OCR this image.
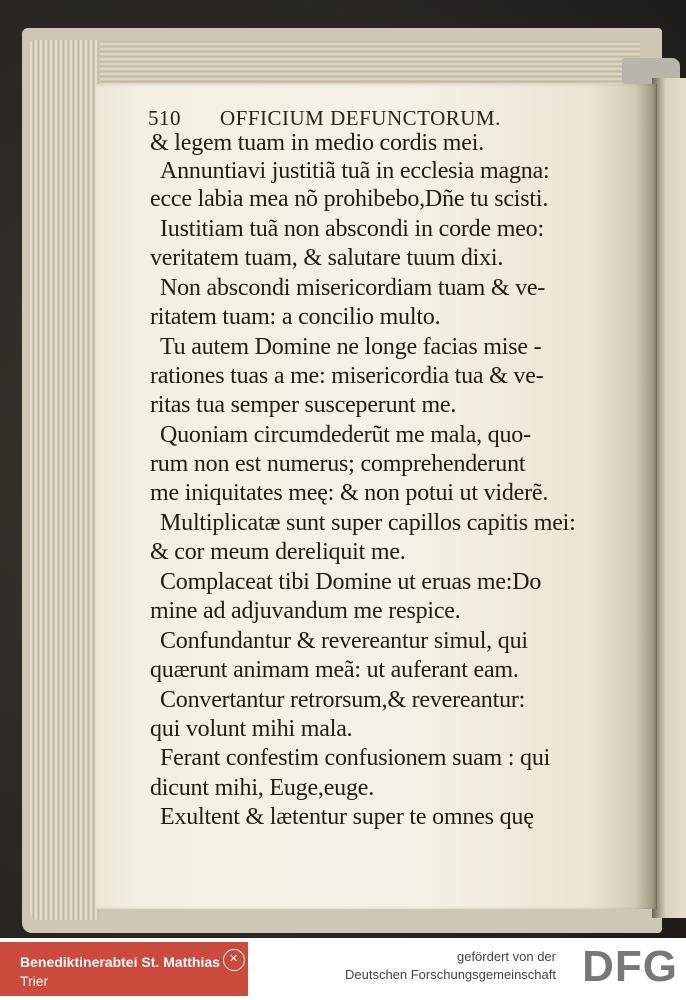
510 OFFICIUM DEFUNCTORUM.
& legem tuam in medio cordis mei.
Annuntiavi justitiã tuã in ecclesia magna:
ecce labia mea nõ prohibebo,Dñe tu scisti.
Iustitiam tuã non abscondi in corde meo:
veritatem tuam, & salutare tuum dixi.
Non abscondi misericordiam tuam & ve-
ritatem tuam: a concilio multo.
Tu autem Domine ne longe facias mise -
rationes tuas a me: misericordia tua & ve-
ritas tua semper susceperunt me.
Quoniam circumdederũt me mala, quo-
rum non est numerus; comprehenderunt
me iniquitates meę: & non potui ut viderẽ.
Multiplicatæ sunt super capillos capitis mei:
& cor meum dereliquit me.
Complaceat tibi Domine ut eruas me:Do
mine ad adjuvandum me respice.
Confundantur & revereantur simul, qui
quærunt animam meã: ut auferant eam.
Convertantur retrorsum,& revereantur:
qui volunt mihi mala.
Ferant confestim confusionem suam : qui
dicunt mihi, Euge,euge.
Exultent & lætentur super te omnes quę
Benediktinerabtei St. Matthias
Trier
✕
gefördert von der
Deutschen Forschungsgemeinschaft DFG
